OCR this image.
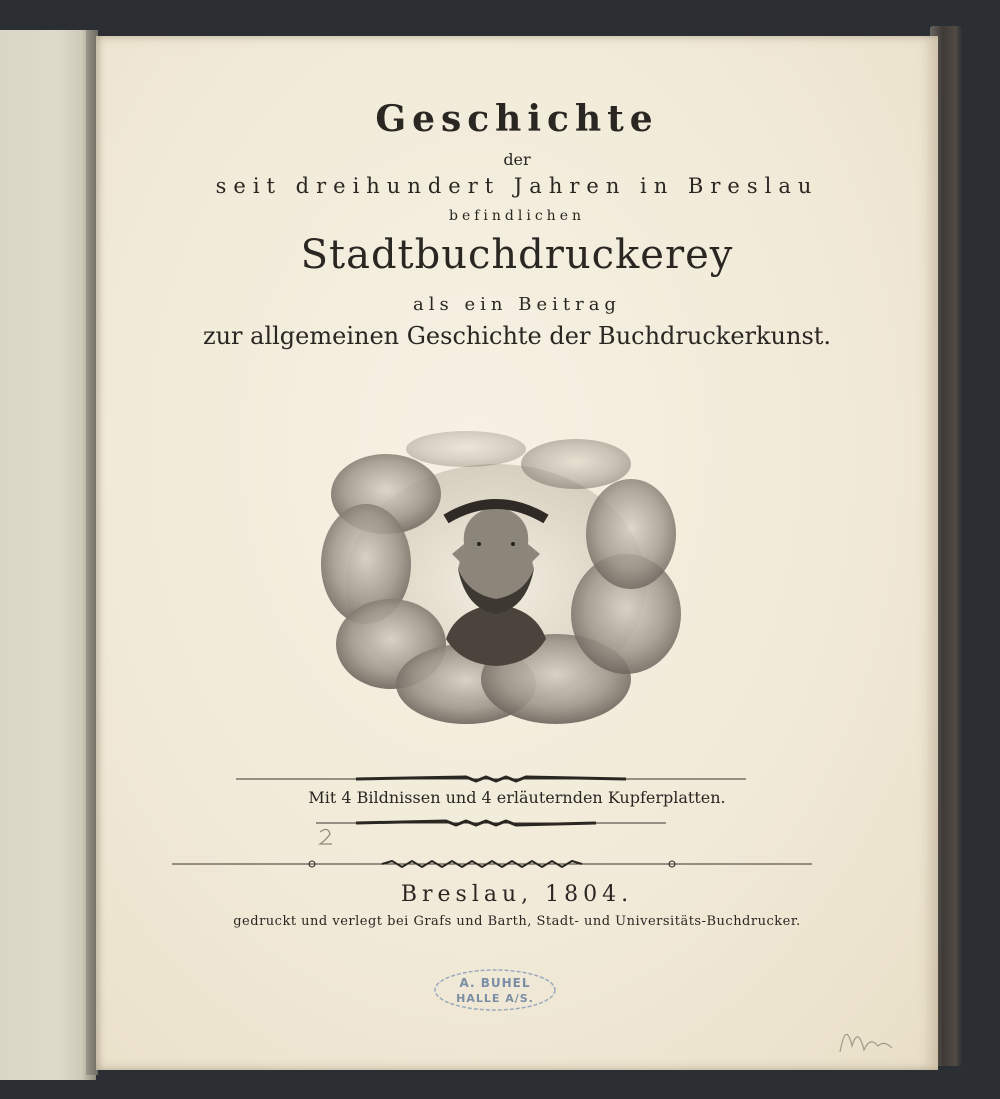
Geschichte
der
seit dreihundert Jahren in Breslau
befindlichen
Stadtbuchdruckerey
als ein Beitrag
zur allgemeinen Geschichte der Buchdruckerkunst.
Mit 4 Bildnissen und 4 erläuternden Kupferplatten.
Breslau, 1804.
gedruckt und verlegt bei Grafs und Barth, Stadt- und Universitäts-Buchdrucker.
A. BUHEL
HALLE A/S.
